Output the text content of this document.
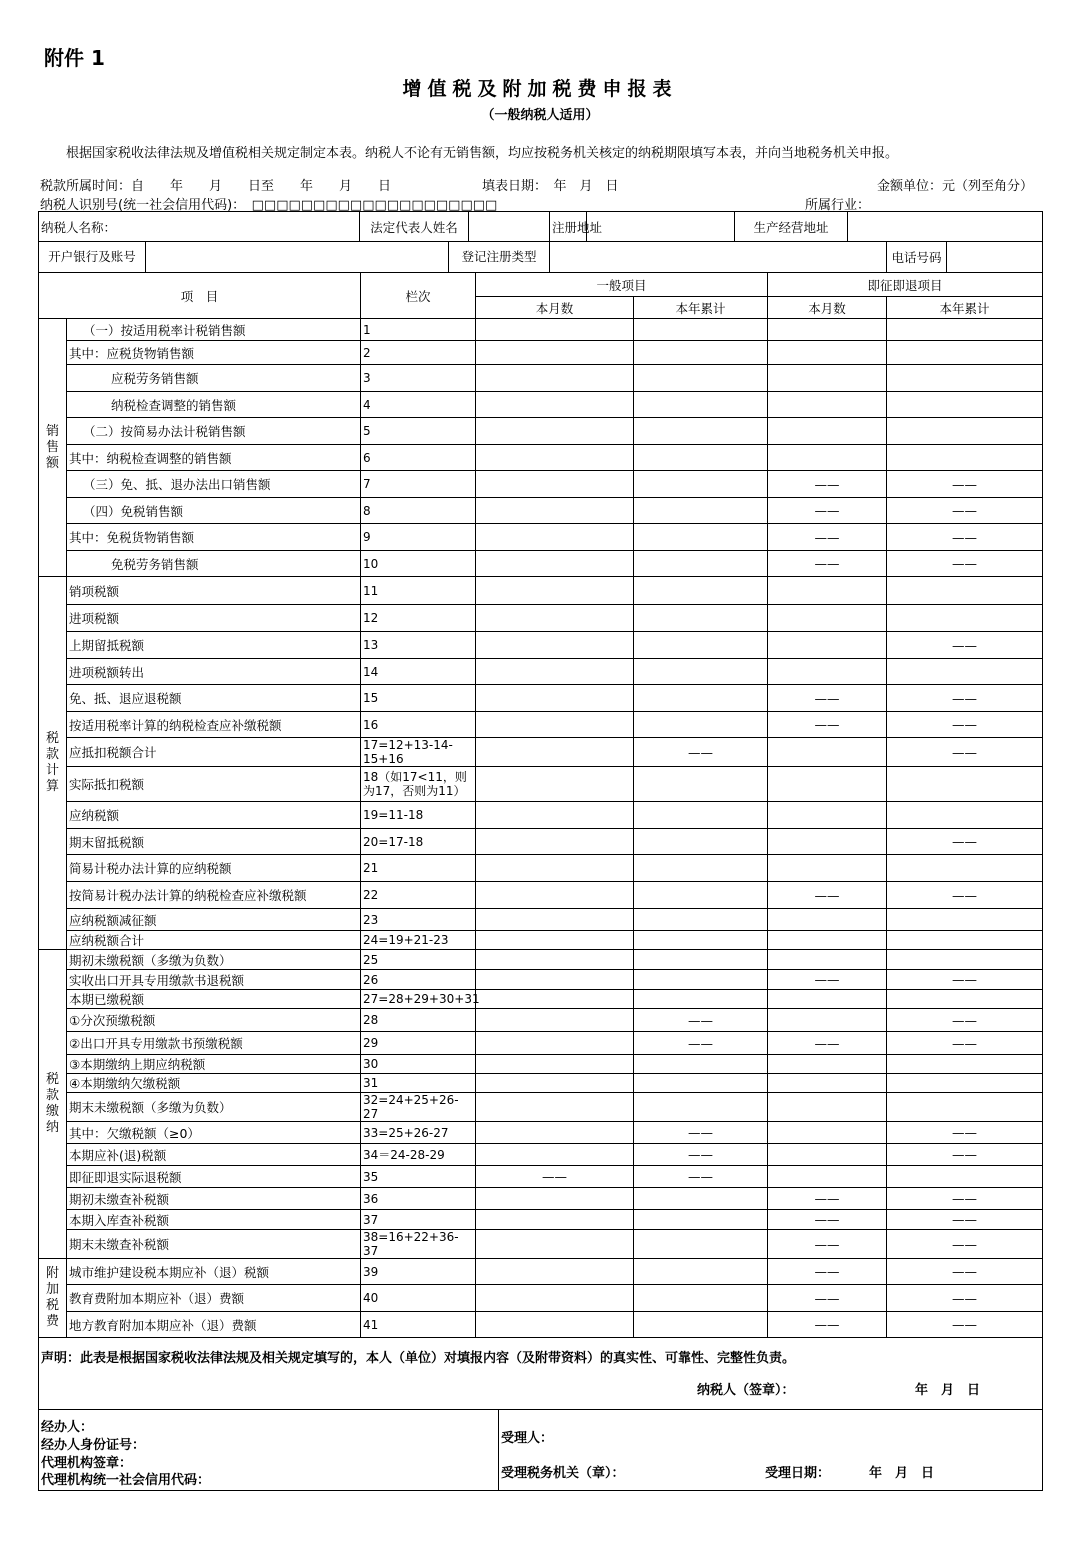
附件 1
增值税及附加税费申报表
（一般纳税人适用）
根据国家税收法律法规及增值税相关规定制定本表。纳税人不论有无销售额，均应按税务机关核定的纳税期限填写本表，并向当地税务机关申报。
税款所属时间：自　　年　　月　　日至　　年　　月　　日	填表日期：　年　月　日	金额单位：元（列至角分）
纳税人识别号(统一社会信用代码)：　□□□□□□□□□□□□□□□□□□□□	所属行业：
纳税人名称：	法定代表人姓名		注册地址		生产经营地址			

开户银行及账号 登记注册类型							电话号码	
项　目		栏次	一般项目		即征即退项目	
			本月数	本年累计	本月数	本年累计
销
售
额	（一）按适用税率计税销售额	1				
	其中：应税货物销售额	2				
	应税劳务销售额	3				
	纳税检查调整的销售额	4				
	（二）按简易办法计税销售额	5				
	其中：纳税检查调整的销售额	6				
	（三）免、抵、退办法出口销售额	7			——	——
	（四）免税销售额	8			——	——
	其中：免税货物销售额	9			——	——
	免税劳务销售额	10			——	——
税
款
计
算	销项税额	11				
	进项税额	12				
	上期留抵税额	13				——
	进项税额转出	14				
	免、抵、退应退税额	15			——	——
	按适用税率计算的纳税检查应补缴税额	16			——	——
	应抵扣税额合计	17=12+13-14-15+16		——		——
	实际抵扣税额	18（如17<11，则为17，否则为11）				
	应纳税额	19=11-18				
	期末留抵税额	20=17-18				——
	简易计税办法计算的应纳税额	21				
	按简易计税办法计算的纳税检查应补缴税额	22			——	——
	应纳税额减征额	23				
	应纳税额合计	24=19+21-23				
税
款
缴
纳	期初未缴税额（多缴为负数）	25				
	实收出口开具专用缴款书退税额	26			——	——
	本期已缴税额	27=28+29+30+31				
	①分次预缴税额	28		——		——
	②出口开具专用缴款书预缴税额	29		——	——	——
	③本期缴纳上期应纳税额	30				
	④本期缴纳欠缴税额	31				
	期末未缴税额（多缴为负数）	32=24+25+26-27				
	其中：欠缴税额（≥0）	33=25+26-27		——		——
	本期应补(退)税额	34＝24-28-29		——		——
	即征即退实际退税额	35	——	——		
	期初未缴查补税额	36			——	——
	本期入库查补税额	37			——	——
	期末未缴查补税额	38=16+22+36-37			——	——
附
加
税
费	城市维护建设税本期应补（退）税额	39			——	——
	教育费附加本期应补（退）费额	40			——	——
	地方教育附加本期应补（退）费额	41			——	——
声明：此表是根据国家税收法律法规及相关规定填写的，本人（单位）对填报内容（及附带资料）的真实性、可靠性、完整性负责。
纳税人（签章）：	年　月　日
经办人：
经办人身份证号：
代理机构签章：
代理机构统一社会信用代码：
受理人：
受理税务机关（章）：	受理日期：	年　月　日
